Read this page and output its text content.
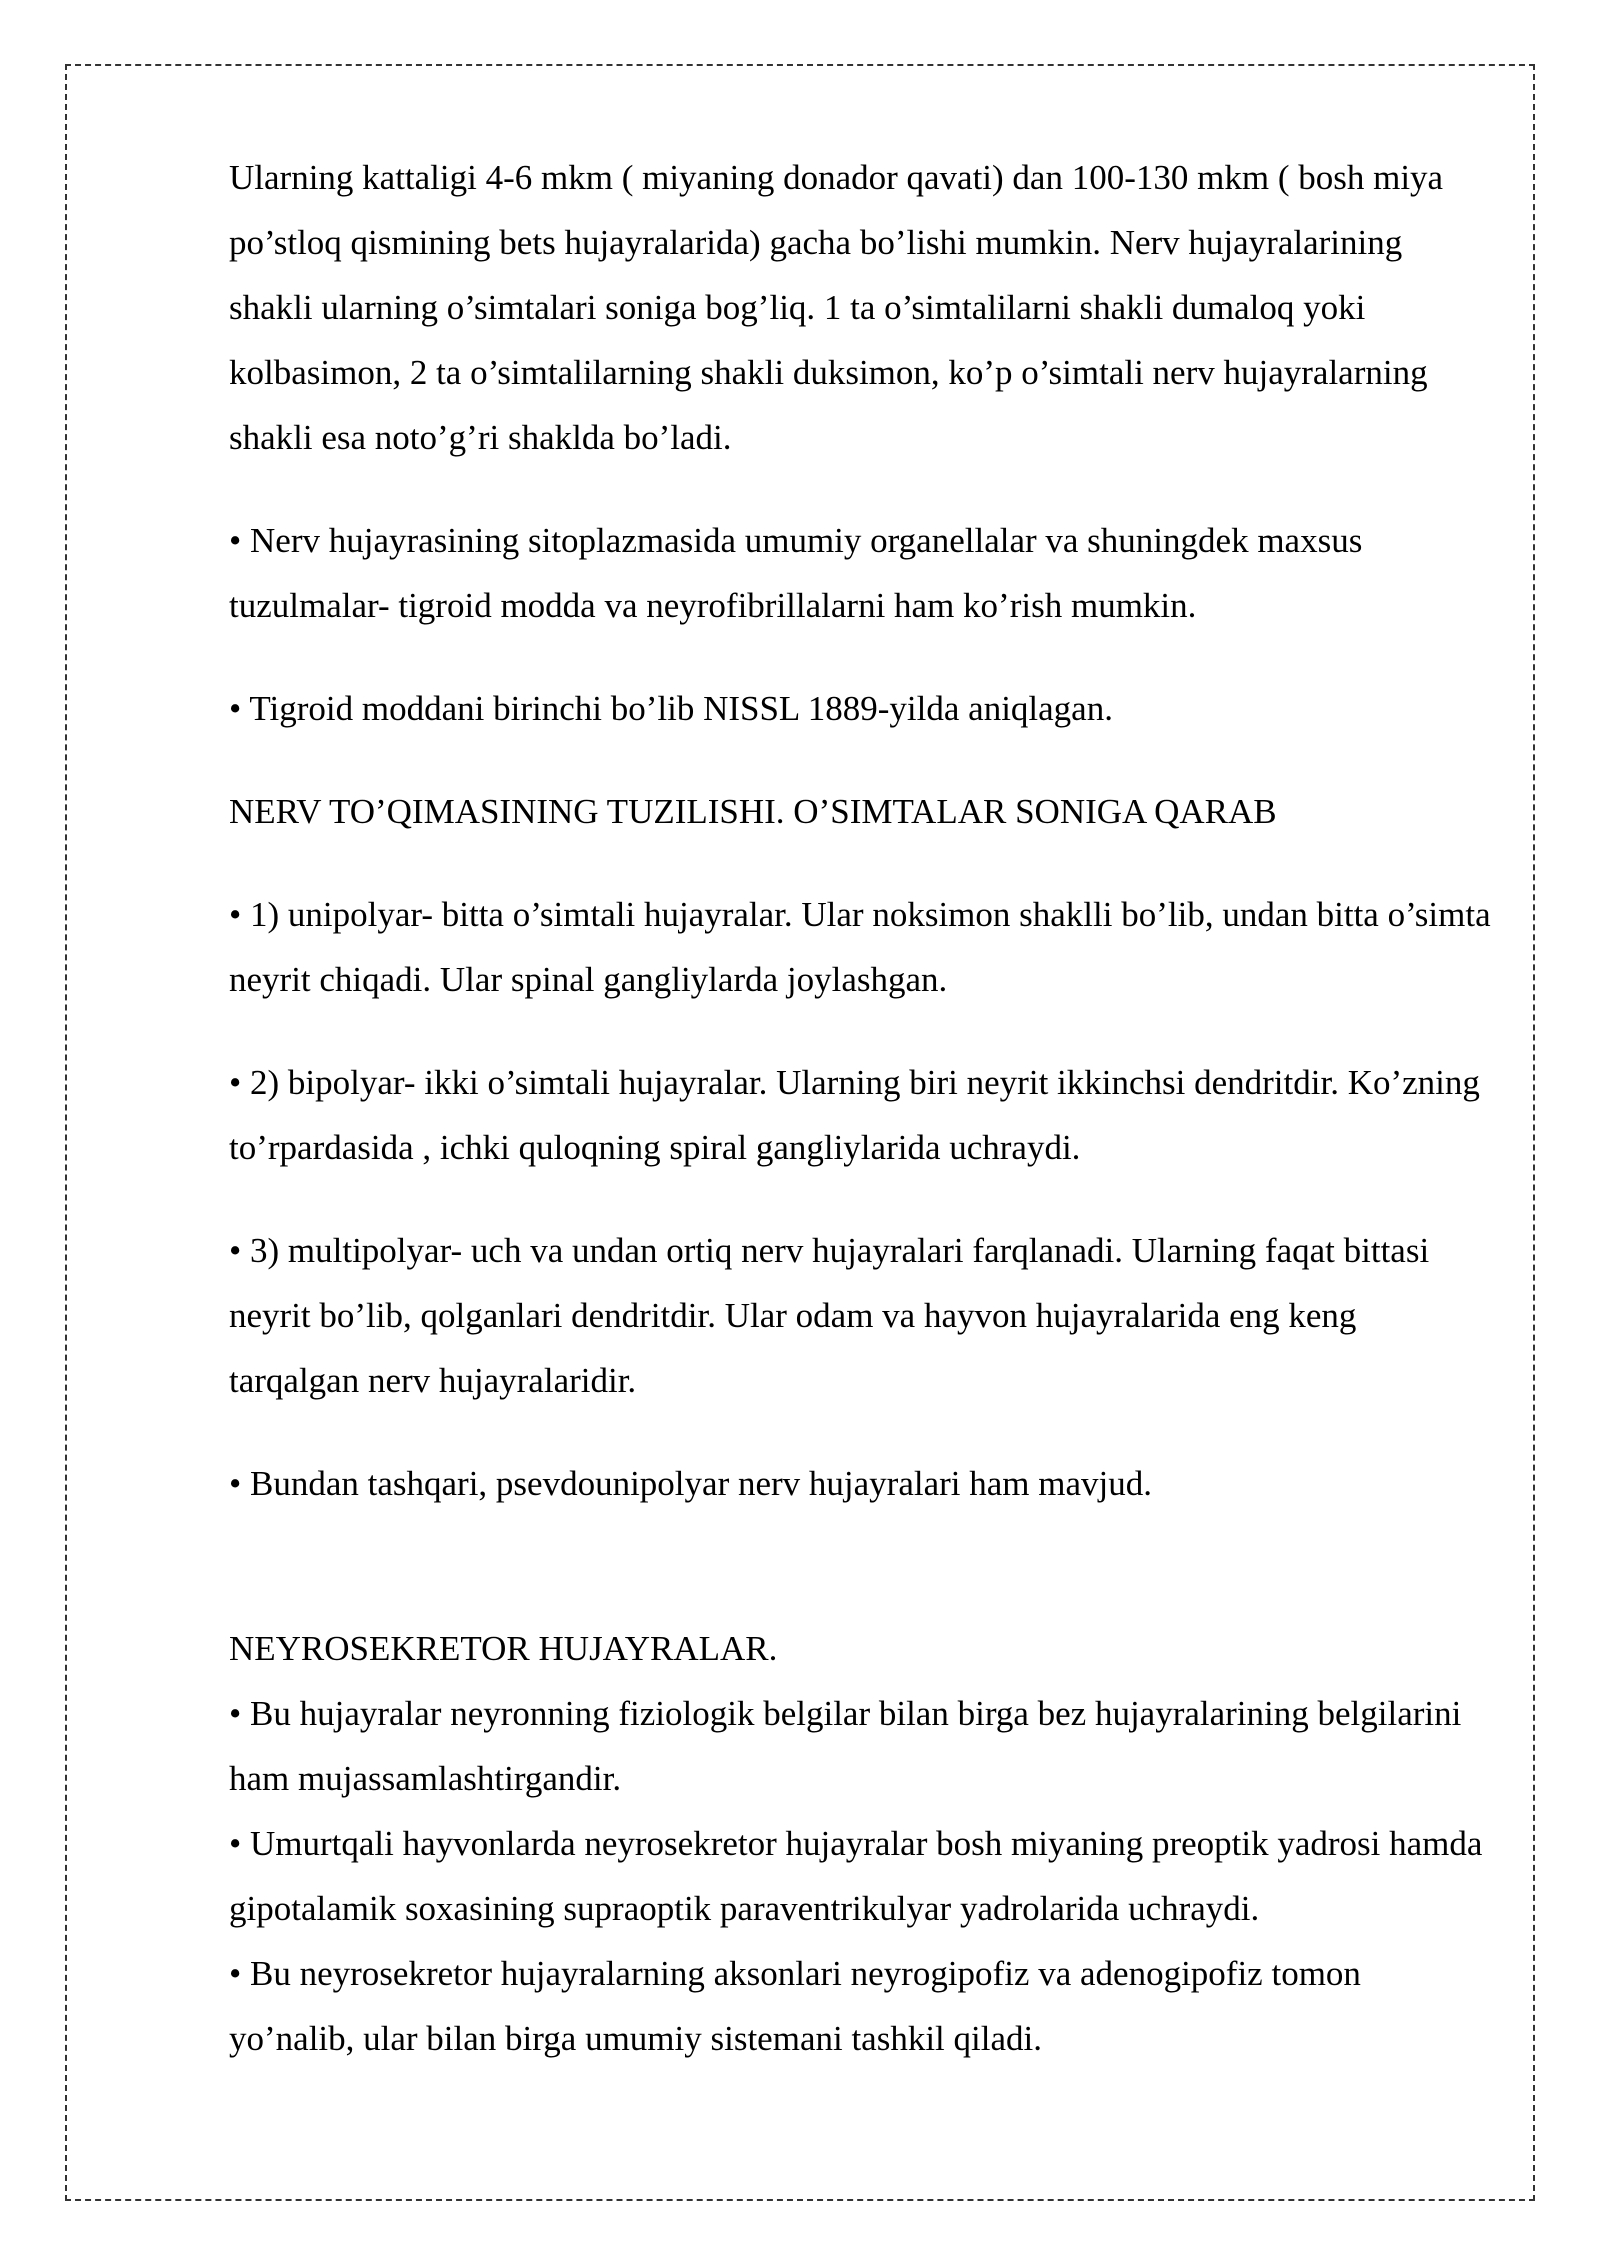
Ularning kattaligi 4-6 mkm ( miyaning donador qavati) dan 100-130 mkm ( bosh miya po’stloq qismining bets hujayralarida) gacha bo’lishi mumkin. Nerv hujayralarining shakli ularning o’simtalari soniga bog’liq. 1 ta o’simtalilarni shakli dumaloq yoki kolbasimon, 2 ta o’simtalilarning shakli duksimon, ko’p o’simtali nerv hujayralarning shakli esa noto’g’ri shakldа bo’ladi.

• Nerv hujayrasining sitoplazmasida umumiy organellalar va shuningdek maxsus tuzulmalar- tigroid modda va neyrofibrillalarni ham ko’rish mumkin.

• Tigroid moddani birinchi bo’lib NISSL 1889-yilda aniqlagan.

NERV TO’QIMASINING TUZILISHI. O’SIMTALAR SONIGA QARAB

• 1) unipolyar- bitta o’simtali hujayralar. Ular noksimon shaklli bo’lib, undan bitta o’simta neyrit chiqadi. Ular spinal gangliylarda joylashgan.

• 2) bipolyar- ikki o’simtali hujayralar. Ularning biri neyrit ikkinchsi dendritdir. Ko’zning to’rpardasida , ichki quloqning spiral gangliylarida uchraydi.

• 3) multipolyar- uch va undan ortiq nerv hujayralari farqlanadi. Ularning faqat bittasi neyrit bo’lib, qolganlari dendritdir. Ular odam va hayvon hujayralarida eng keng tarqalgan nerv hujayralaridir.

• Bundan tashqari, psevdounipolyar nerv hujayralari ham mavjud.

NEYROSEKRETOR HUJAYRALAR.

• Bu hujayralar neyronning fiziologik belgilar bilan birga bez hujayralarining belgilarini ham mujassamlashtirgandir.

• Umurtqali hayvonlarda neyrosekretor hujayralar bosh miyaning preoptik yadrosi hamda gipotalamik soxasining supraoptik paraventrikulyar yadrolarida uchraydi.

• Bu neyrosekretor hujayralarning aksonlari neyrogipofiz va adenogipofiz tomon yo’nalib, ular bilan birga umumiy sistemani tashkil qiladi.
